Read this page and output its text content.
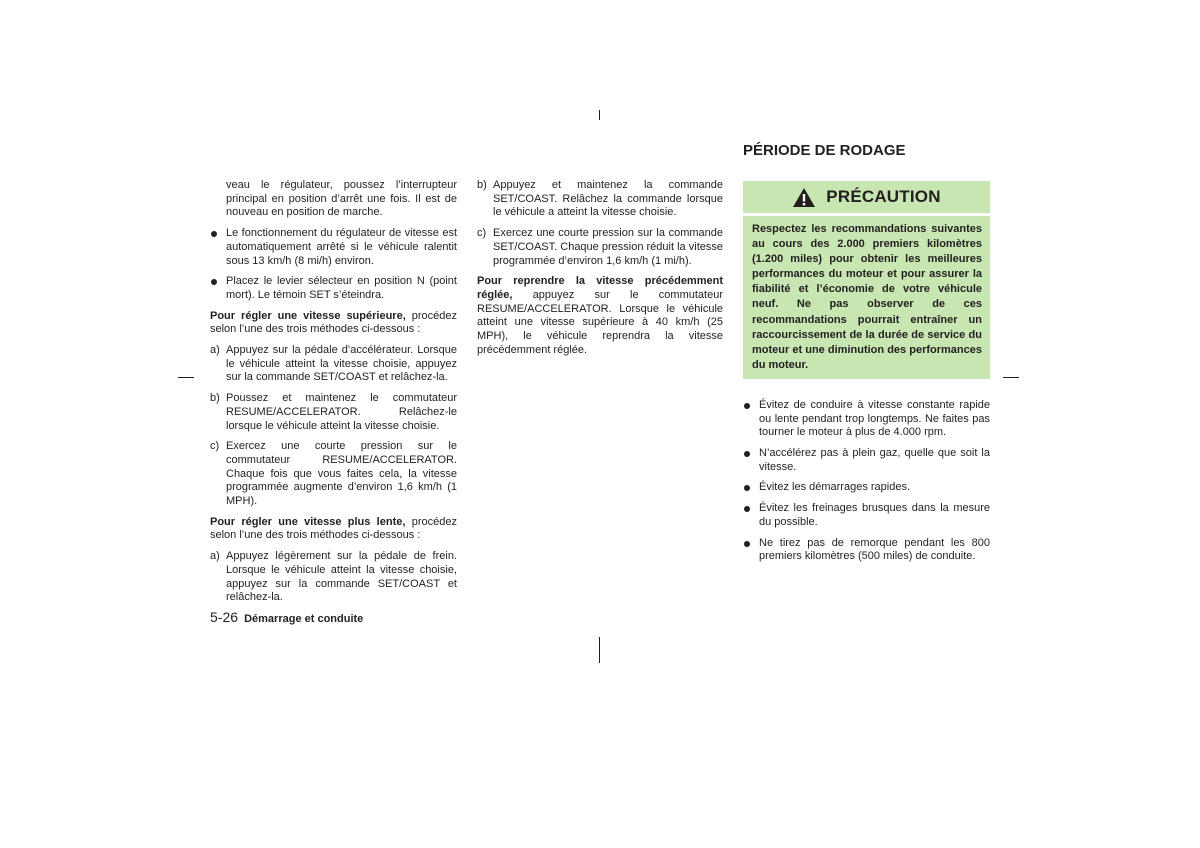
veau le régulateur, poussez l’interrupteur principal en position d’arrêt une fois. Il est de nouveau en position de marche.

Le fonctionnement du régulateur de vitesse est automatiquement arrêté si le véhicule ralentit sous 13 km/h (8 mi/h) environ.
Placez le levier sélecteur en position N (point mort). Le témoin SET s’éteindra.

Pour régler une vitesse supérieure, procédez selon l’une des trois méthodes ci-dessous :

a) Appuyez sur la pédale d’accélérateur. Lorsque le véhicule atteint la vitesse choisie, appuyez sur la commande SET/COAST et relâchez-la.
b) Poussez et maintenez le commutateur RESUME/ACCELERATOR. Relâchez-le lorsque le véhicule atteint la vitesse choisie.
c) Exercez une courte pression sur le commutateur RESUME/ACCELERATOR. Chaque fois que vous faites cela, la vitesse programmée augmente d’environ 1,6 km/h (1 MPH).

Pour régler une vitesse plus lente, procédez selon l’une des trois méthodes ci-dessous :

a) Appuyez légèrement sur la pédale de frein. Lorsque le véhicule atteint la vitesse choisie, appuyez sur la commande SET/COAST et relâchez-la.
b) Appuyez et maintenez la commande SET/COAST. Relâchez la commande lorsque le véhicule a atteint la vitesse choisie.
c) Exercez une courte pression sur la commande SET/COAST. Chaque pression réduit la vitesse programmée d’environ 1,6 km/h (1 mi/h).

Pour reprendre la vitesse précédemment réglée, appuyez sur le commutateur RESUME/ACCELERATOR. Lorsque le véhicule atteint une vitesse supérieure à 40 km/h (25 MPH), le véhicule reprendra la vitesse précédemment réglée.

PÉRIODE DE RODAGE
PRÉCAUTION
Respectez les recommandations suivantes au cours des 2.000 premiers kilomètres (1.200 miles) pour obtenir les meilleures performances du moteur et pour assurer la fiabilité et l’économie de votre véhicule neuf. Ne pas observer de ces recommandations pourrait entraîner un raccourcissement de la durée de service du moteur et une diminution des performances du moteur.
Évitez de conduire à vitesse constante rapide ou lente pendant trop longtemps. Ne faites pas tourner le moteur à plus de 4.000 rpm.
N’accélérez pas à plein gaz, quelle que soit la vitesse.
Évitez les démarrages rapides.
Évitez les freinages brusques dans la mesure du possible.
Ne tirez pas de remorque pendant les 800 premiers kilomètres (500 miles) de conduite.
5-26 Démarrage et conduite
